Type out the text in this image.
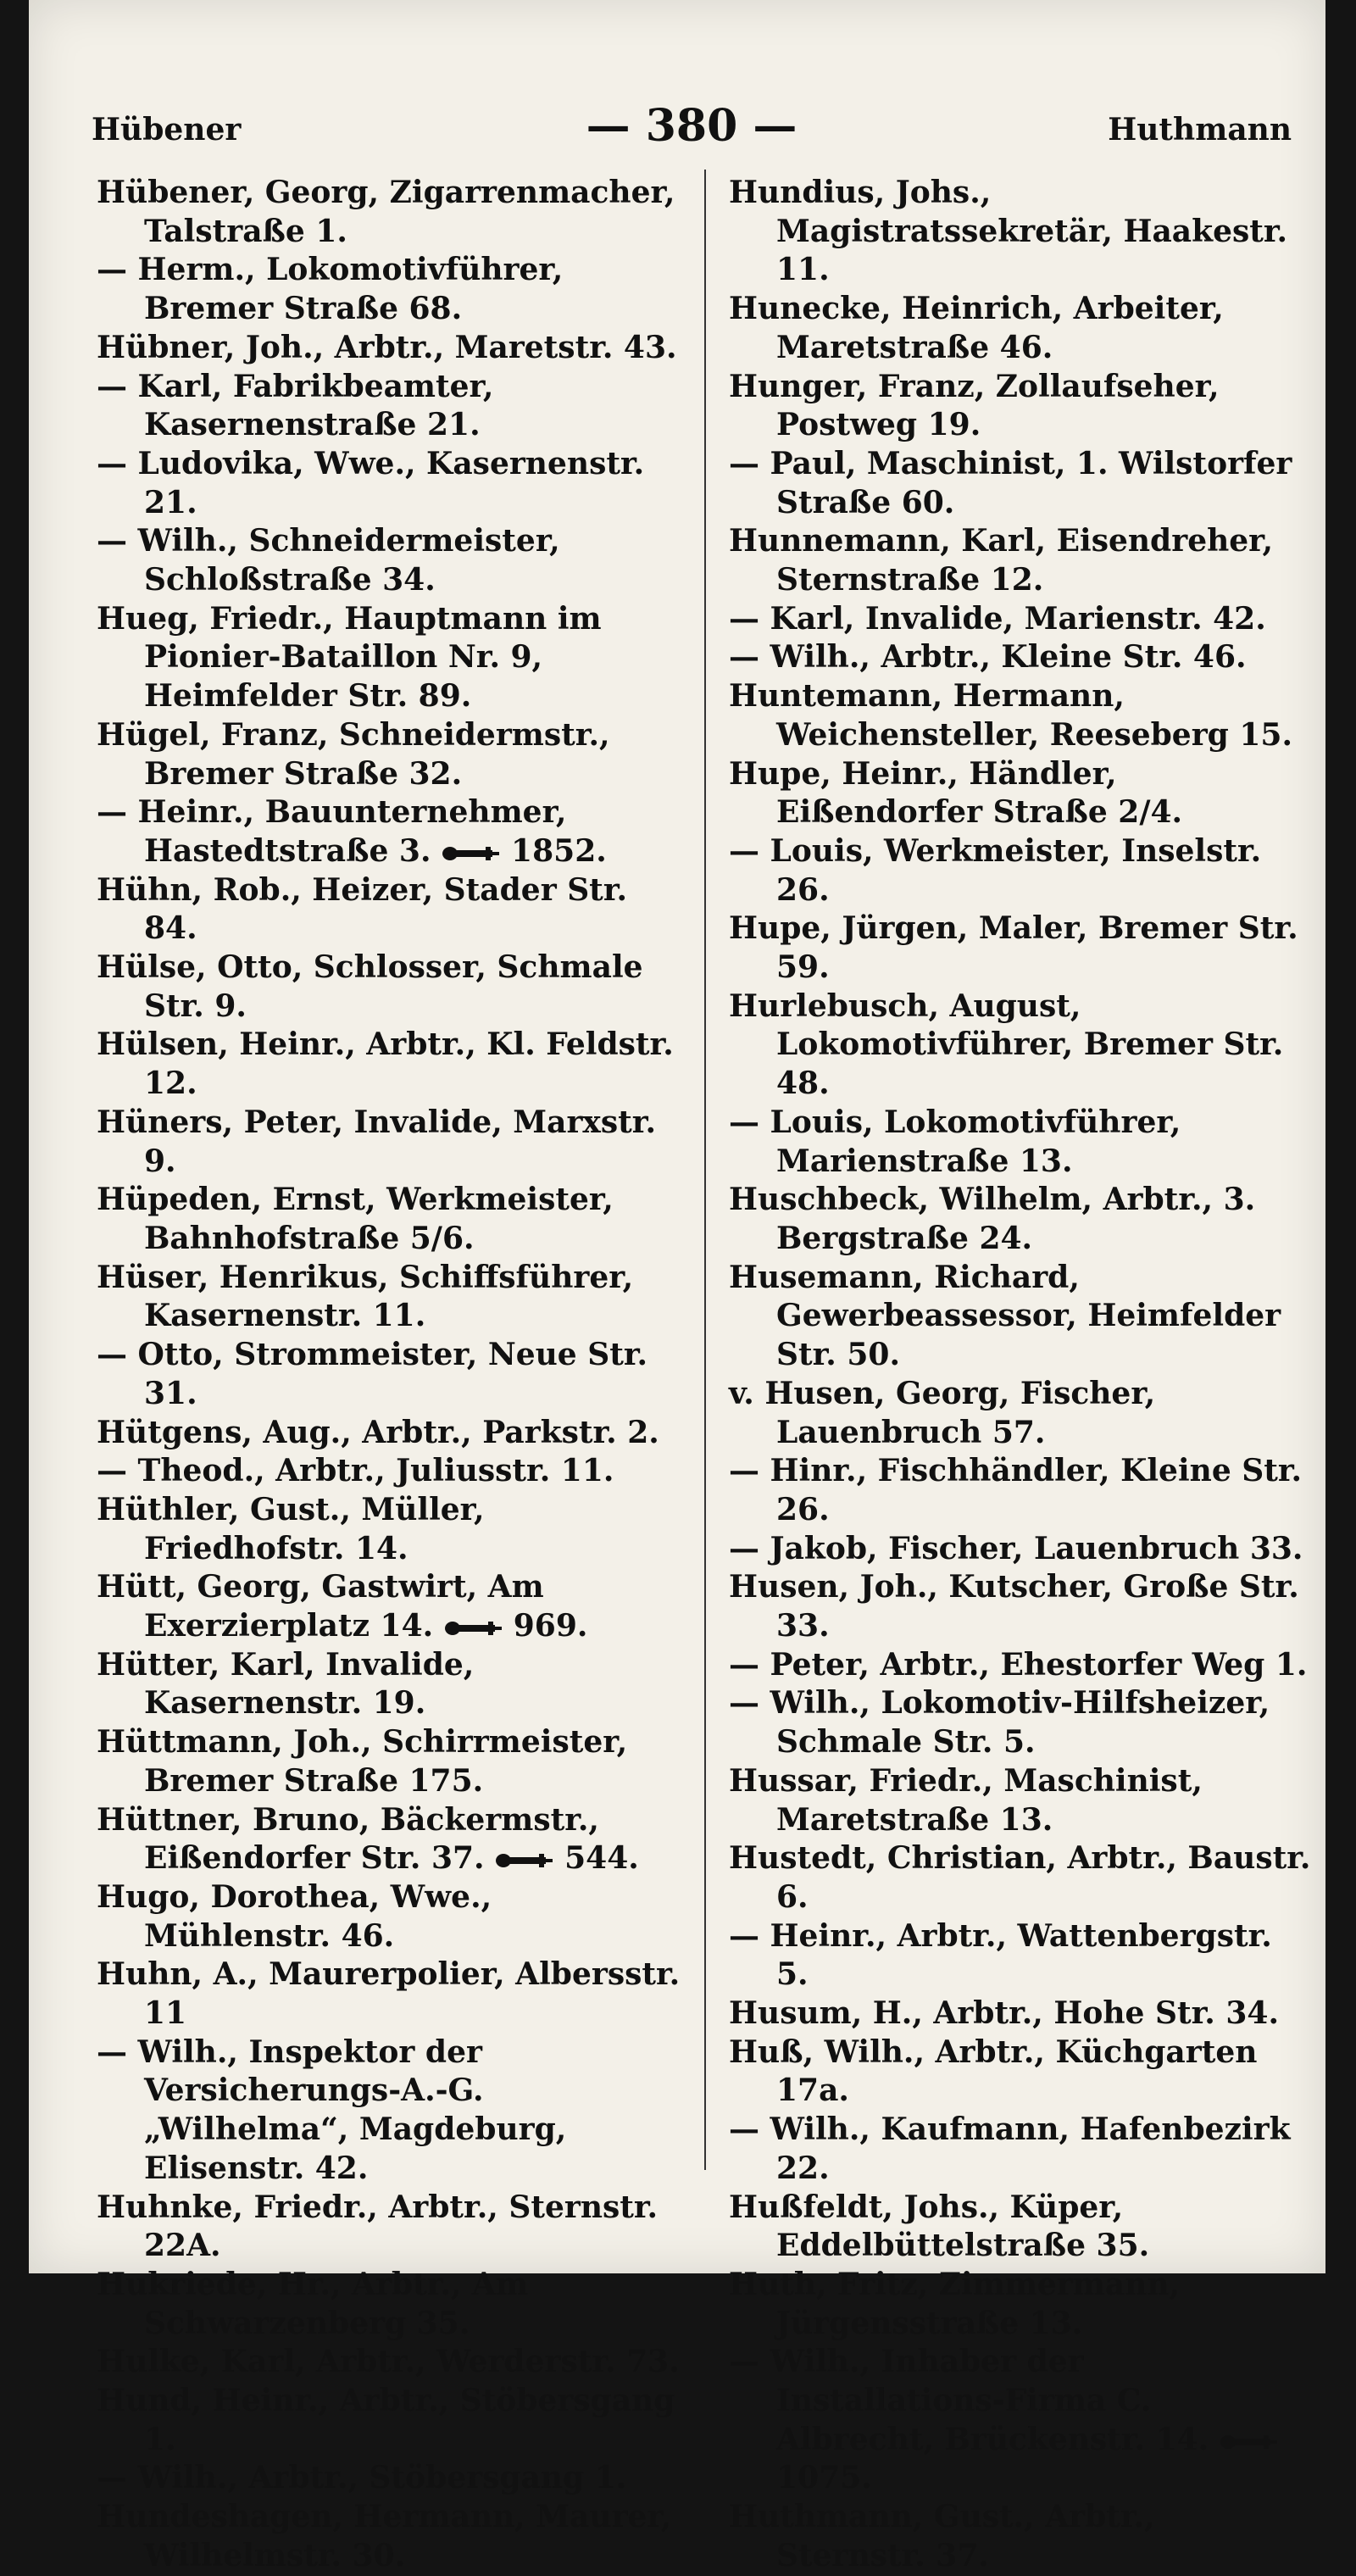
Hübener	— 380 —	Huthmann
Hübener, Georg, Zigarrenmacher, Talstraße 1.
— Herm., Lokomotivführer, Bremer Straße 68.
Hübner, Joh., Arbtr., Maretstr. 43.
— Karl, Fabrikbeamter, Kasernenstraße 21.
— Ludovika, Wwe., Kasernenstr. 21.
— Wilh., Schneidermeister, Schloßstraße 34.
Hueg, Friedr., Hauptmann im Pionier-Bataillon Nr. 9, Heimfelder Str. 89.
Hügel, Franz, Schneidermstr., Bremer Straße 32.
— Heinr., Bauunternehmer, Hastedtstraße 3. 1852.
Hühn, Rob., Heizer, Stader Str. 84.
Hülse, Otto, Schlosser, Schmale Str. 9.
Hülsen, Heinr., Arbtr., Kl. Feldstr. 12.
Hüners, Peter, Invalide, Marxstr. 9.
Hüpeden, Ernst, Werkmeister, Bahnhofstraße 5/6.
Hüser, Henrikus, Schiffsführer, Kasernenstr. 11.
— Otto, Strommeister, Neue Str. 31.
Hütgens, Aug., Arbtr., Parkstr. 2.
— Theod., Arbtr., Juliusstr. 11.
Hüthler, Gust., Müller, Friedhofstr. 14.
Hütt, Georg, Gastwirt, Am Exerzierplatz 14. 969.
Hütter, Karl, Invalide, Kasernenstr. 19.
Hüttmann, Joh., Schirrmeister, Bremer Straße 175.
Hüttner, Bruno, Bäckermstr., Eißendorfer Str. 37. 544.
Hugo, Dorothea, Wwe., Mühlenstr. 46.
Huhn, A., Maurerpolier, Albersstr. 11
— Wilh., Inspektor der Versicherungs-A.-G. „Wilhelma“, Magdeburg, Elisenstr. 42.
Huhnke, Friedr., Arbtr., Sternstr. 22A.
Hukriede, Hr., Arbtr., Am Schwarzenberg 35.
Hulke, Karl, Arbtr., Werderstr. 73.
Hund, Heinr., Arbtr., Stöbersgang 1.
— Wilh., Arbtr., Stöbersgang 1.
Hundeshagen, Hermann, Maurer, Wilhelmstr. 30.
Hundius, Johs., Magistratssekretär, Haakestr. 11.
Hunecke, Heinrich, Arbeiter, Maretstraße 46.
Hunger, Franz, Zollaufseher, Postweg 19.
— Paul, Maschinist, 1. Wilstorfer Straße 60.
Hunnemann, Karl, Eisendreher, Sternstraße 12.
— Karl, Invalide, Marienstr. 42.
— Wilh., Arbtr., Kleine Str. 46.
Huntemann, Hermann, Weichensteller, Reeseberg 15.
Hupe, Heinr., Händler, Eißendorfer Straße 2/4.
— Louis, Werkmeister, Inselstr. 26.
Hupe, Jürgen, Maler, Bremer Str. 59.
Hurlebusch, August, Lokomotivführer, Bremer Str. 48.
— Louis, Lokomotivführer, Marienstraße 13.
Huschbeck, Wilhelm, Arbtr., 3. Bergstraße 24.
Husemann, Richard, Gewerbeassessor, Heimfelder Str. 50.
v. Husen, Georg, Fischer, Lauenbruch 57.
— Hinr., Fischhändler, Kleine Str. 26.
— Jakob, Fischer, Lauenbruch 33.
Husen, Joh., Kutscher, Große Str. 33.
— Peter, Arbtr., Ehestorfer Weg 1.
— Wilh., Lokomotiv-Hilfsheizer, Schmale Str. 5.
Hussar, Friedr., Maschinist, Maretstraße 13.
Hustedt, Christian, Arbtr., Baustr. 6.
— Heinr., Arbtr., Wattenbergstr. 5.
Husum, H., Arbtr., Hohe Str. 34.
Huß, Wilh., Arbtr., Küchgarten 17a.
— Wilh., Kaufmann, Hafenbezirk 22.
Hußfeldt, Johs., Küper, Eddelbüttelstraße 35.
Huth, Fritz, Zimmermann, Jürgensstraße 13.
— Wilh., Inhaber der Installations-Firma C. Albrecht, Brückenstr. 14. 1075.
Huthmann, Gust., Arbtr., Sternstr. 37.
